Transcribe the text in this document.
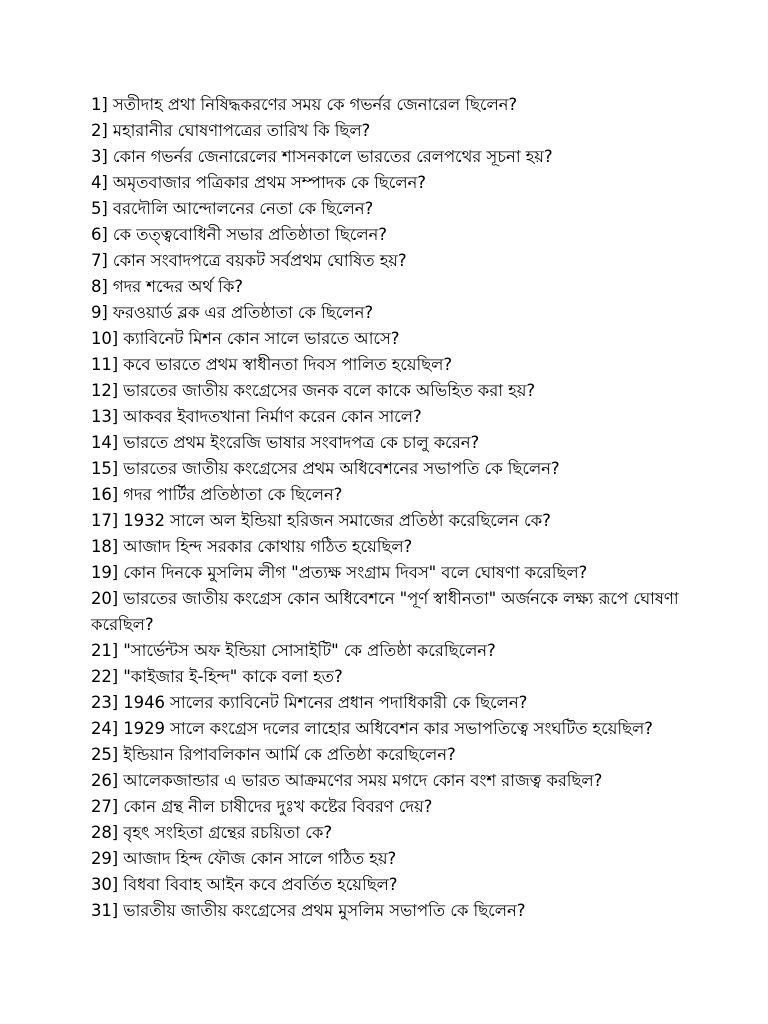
1] সতীদাহ প্রথা নিষিদ্ধকরণের সময় কে গভর্নর জেনারেল ছিলেন?
2] মহারানীর ঘোষণাপত্রের তারিখ কি ছিল?
3] কোন গভর্নর জেনারেলের শাসনকালে ভারতের রেলপথের সূচনা হয়?
4] অমৃতবাজার পত্রিকার প্রথম সম্পাদক কে ছিলেন?
5] বরদৌলি আন্দোলনের নেতা কে ছিলেন?
6] কে তত্ত্ববোধিনী সভার প্রতিষ্ঠাতা ছিলেন?
7] কোন সংবাদপত্রে বয়কট সর্বপ্রথম ঘোষিত হয়?
8] গদর শব্দের অর্থ কি?
9] ফরওয়ার্ড ব্লক এর প্রতিষ্ঠাতা কে ছিলেন?
10] ক্যাবিনেট মিশন কোন সালে ভারতে আসে?
11] কবে ভারতে প্রথম স্বাধীনতা দিবস পালিত হয়েছিল?
12] ভারতের জাতীয় কংগ্রেসের জনক বলে কাকে অভিহিত করা হয়?
13] আকবর ইবাদতখানা নির্মাণ করেন কোন সালে?
14] ভারতে প্রথম ইংরেজি ভাষার সংবাদপত্র কে চালু করেন?
15] ভারতের জাতীয় কংগ্রেসের প্রথম অধিবেশনের সভাপতি কে ছিলেন?
16] গদর পার্টির প্রতিষ্ঠাতা কে ছিলেন?
17] 1932 সালে অল ইন্ডিয়া হরিজন সমাজের প্রতিষ্ঠা করেছিলেন কে?
18] আজাদ হিন্দ সরকার কোথায় গঠিত হয়েছিল?
19] কোন দিনকে মুসলিম লীগ "প্রত্যক্ষ সংগ্রাম দিবস" বলে ঘোষণা করেছিল?
20] ভারতের জাতীয় কংগ্রেস কোন অধিবেশনে "পূর্ণ স্বাধীনতা" অর্জনকে লক্ষ্য রূপে ঘোষণা করেছিল?
21] "সার্ভেন্টস অফ ইন্ডিয়া সোসাইটি" কে প্রতিষ্ঠা করেছিলেন?
22] "কাইজার ই-হিন্দ" কাকে বলা হত?
23] 1946 সালের ক্যাবিনেট মিশনের প্রধান পদাধিকারী কে ছিলেন?
24] 1929 সালে কংগ্রেস দলের লাহোর অধিবেশন কার সভাপতিত্বে সংঘটিত হয়েছিল?
25] ইন্ডিয়ান রিপাবলিকান আর্মি কে প্রতিষ্ঠা করেছিলেন?
26] আলেকজান্ডার এ ভারত আক্রমণের সময় মগদে কোন বংশ রাজত্ব করছিল?
27] কোন গ্রন্থ নীল চাষীদের দুঃখ কষ্টের বিবরণ দেয়?
28] বৃহৎ সংহিতা গ্রন্থের রচয়িতা কে?
29] আজাদ হিন্দ ফৌজ কোন সালে গঠিত হয়?
30] বিধবা বিবাহ আইন কবে প্রবর্তিত হয়েছিল?
31] ভারতীয় জাতীয় কংগ্রেসের প্রথম মুসলিম সভাপতি কে ছিলেন?
